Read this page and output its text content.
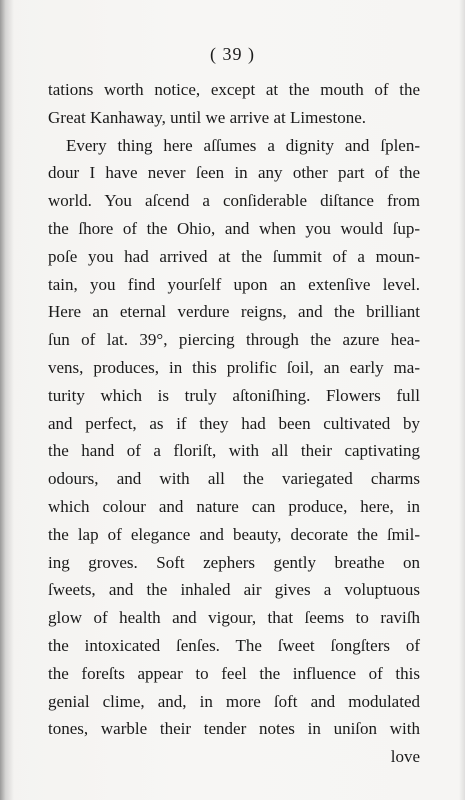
( 39 )

tations worth notice, except at the mouth of the
Great Kanhaway, until we arrive at Limestone.
Every thing here aſſumes a dignity and ſplen-
dour I have never ſeen in any other part of the
world. You aſcend a conſiderable diſtance from
the ſhore of the Ohio, and when you would ſup-
poſe you had arrived at the ſummit of a moun-
tain, you find yourſelf upon an extenſive level.
Here an eternal verdure reigns, and the brilliant
ſun of lat. 39°, piercing through the azure hea-
vens, produces, in this prolific ſoil, an early ma-
turity which is truly aſtoniſhing. Flowers full
and perfect, as if they had been cultivated by
the hand of a floriſt, with all their captivating
odours, and with all the variegated charms
which colour and nature can produce, here, in
the lap of elegance and beauty, decorate the ſmil-
ing groves. Soft zephers gently breathe on
ſweets, and the inhaled air gives a voluptuous
glow of health and vigour, that ſeems to raviſh
the intoxicated ſenſes. The ſweet ſongſters of
the foreſts appear to feel the influence of this
genial clime, and, in more ſoft and modulated
tones, warble their tender notes in uniſon with
love
